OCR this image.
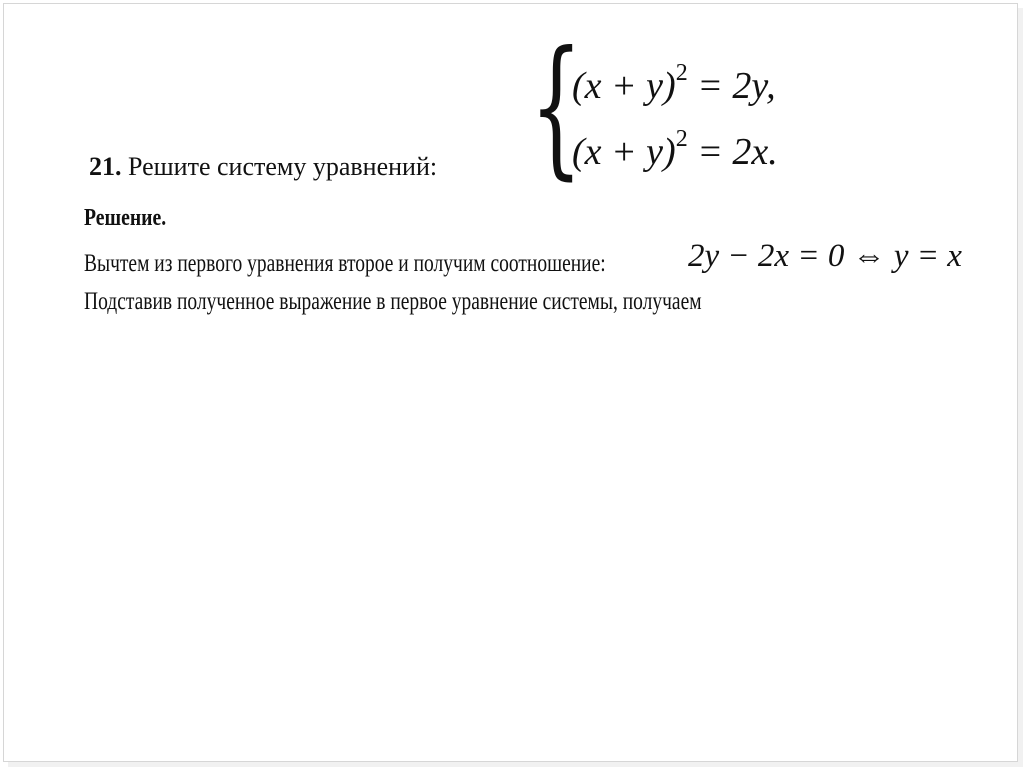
21. Решите систему уравнений: {
$(x + y)^2 = 2y$,
$(x + y)^2 = 2x$.
Решение.
Вычтем из первого уравнения второе и получим соотношение: 2y − 2x = 0 ⇔ y = x
Подставив полученное выражение в первое уравнение системы, получаем
